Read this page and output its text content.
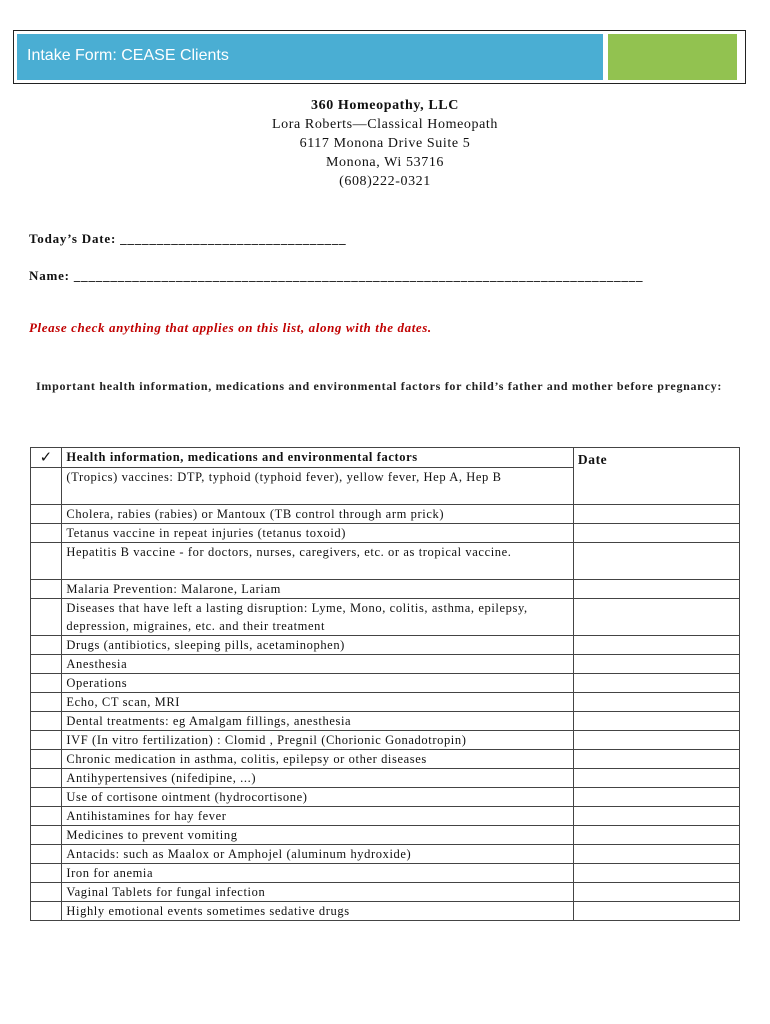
Intake Form: CEASE Clients
360 Homeopathy, LLC
Lora Roberts—Classical Homeopath
6117 Monona Drive Suite 5
Monona, Wi 53716
(608)222-0321
Today’s Date: _______________________________
Name: ______________________________________________________________________________
Please check anything that applies on this list, along with the dates.
Important health information, medications and environmental factors for child’s father and mother before pregnancy:
✓	Health information, medications and environmental factors	Date

	(Tropics) vaccines: DTP, typhoid (typhoid fever), yellow fever, Hep A, Hep B	
	Cholera, rabies (rabies) or Mantoux (TB control through arm prick)	
	Tetanus vaccine in repeat injuries (tetanus toxoid)	
	Hepatitis B vaccine - for doctors, nurses, caregivers, etc. or as tropical vaccine.	
	Malaria Prevention: Malarone, Lariam	
	Diseases that have left a lasting disruption: Lyme, Mono, colitis, asthma, epilepsy, depression, migraines, etc. and their treatment	
	Drugs (antibiotics, sleeping pills, acetaminophen)	
	Anesthesia	
	Operations	
	Echo, CT scan, MRI	
	Dental treatments: eg Amalgam fillings, anesthesia	
	IVF (In vitro fertilization) : Clomid , Pregnil (Chorionic Gonadotropin)	
	Chronic medication in asthma, colitis, epilepsy or other diseases	
	Antihypertensives (nifedipine, ...)	
	Use of cortisone ointment (hydrocortisone)	
	Antihistamines for hay fever	
	Medicines to prevent vomiting	
	Antacids: such as Maalox or Amphojel (aluminum hydroxide)	
	Iron for anemia	
	Vaginal Tablets for fungal infection	
	Highly emotional events sometimes sedative drugs	
